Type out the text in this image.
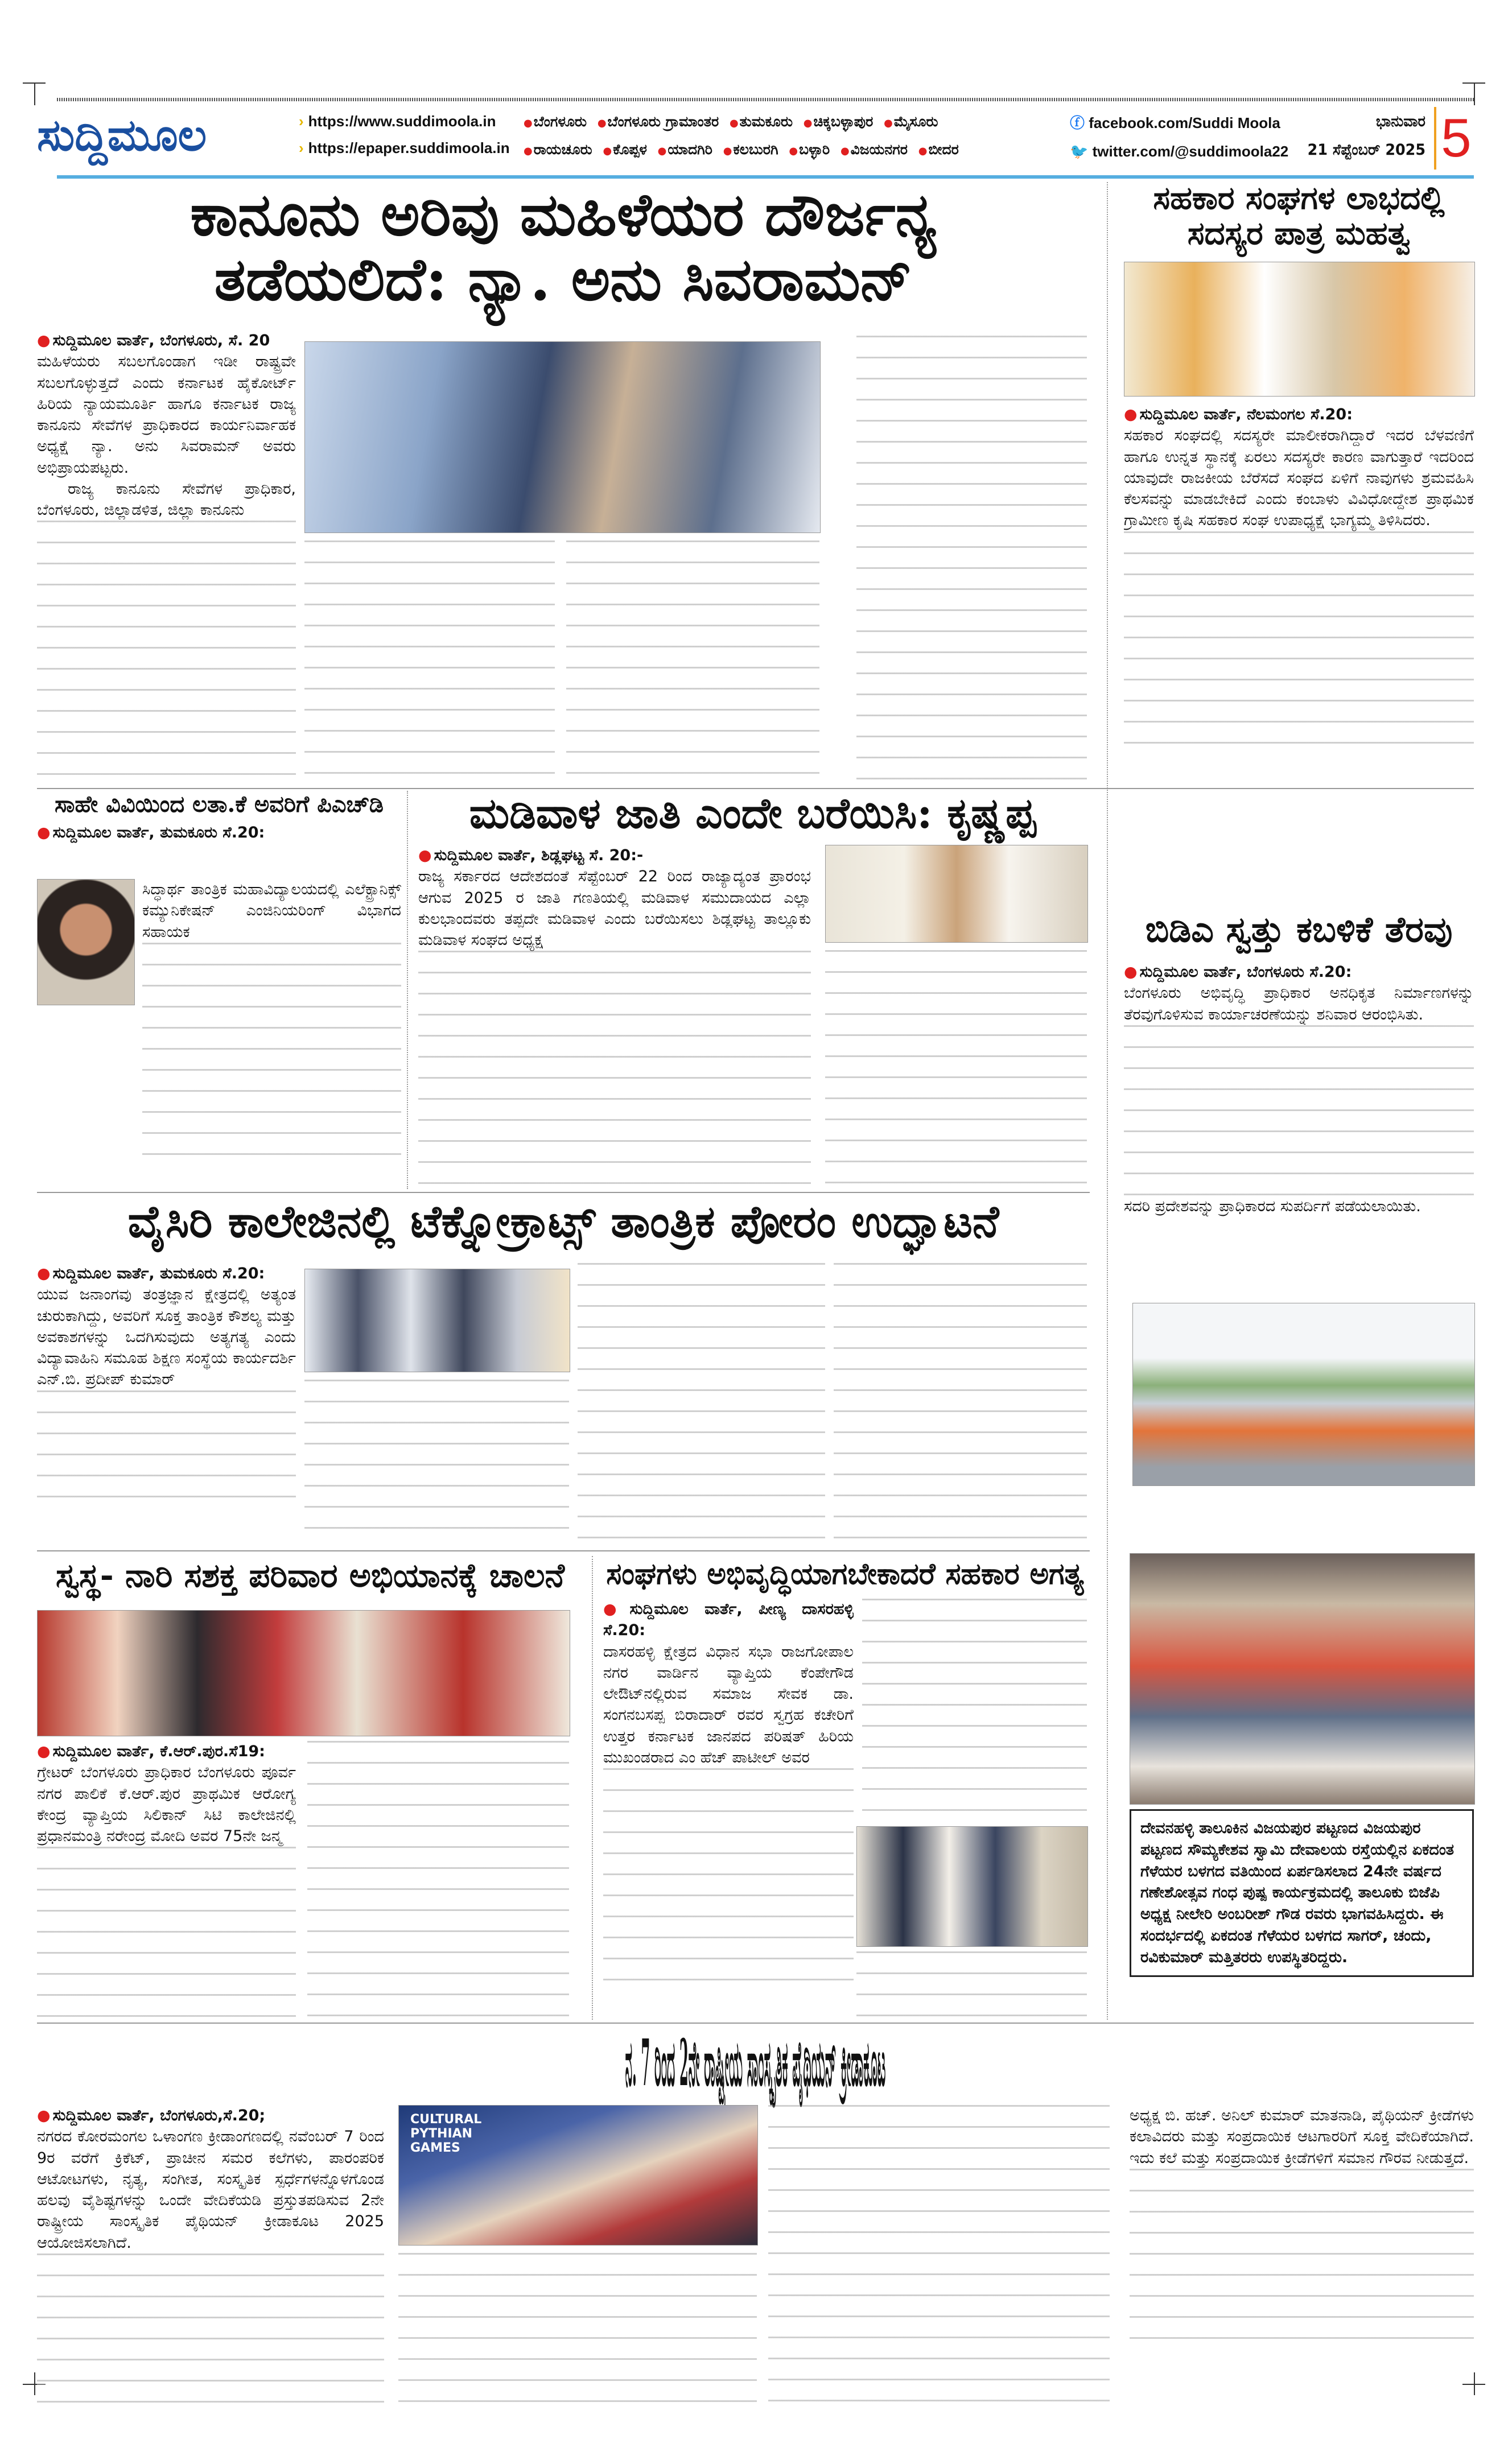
ಸುದ್ದಿಮೂಲ	› https://www.suddimoola.in
› https://epaper.suddimoola.in
● ಬೆಂಗಳೂರು ● ಬೆಂಗಳೂರು ಗ್ರಾಮಾಂತರ ● ತುಮಕೂರು ● ಚಿಕ್ಕಬಳ್ಳಾಪುರ ● ಮೈಸೂರು
● ರಾಯಚೂರು ● ಕೊಪ್ಪಳ ● ಯಾದಗಿರಿ ● ಕಲಬುರಗಿ ● ಬಳ್ಳಾರಿ ● ವಿಜಯನಗರ ● ಬೀದರ
ⓕ facebook.com/Suddi Moola
🐦 twitter.com/@suddimoola22
ಭಾನುವಾರ
21 ಸೆಪ್ಟೆಂಬರ್ 2025 5
ಕಾನೂನು ಅರಿವು ಮಹಿಳೆಯರ ದೌರ್ಜನ್ಯ
ತಡೆಯಲಿದೆ: ನ್ಯಾ. ಅನು ಸಿವರಾಮನ್
● ಸುದ್ದಿಮೂಲ ವಾರ್ತೆ, ಬೆಂಗಳೂರು, ಸೆ. 20
ಮಹಿಳೆಯರು ಸಬಲಗೊಂಡಾಗ ಇಡೀ ರಾಷ್ಟ್ರವೇ ಸಬಲಗೊಳ್ಳುತ್ತದೆ ಎಂದು ಕರ್ನಾಟಕ ಹೈಕೋರ್ಟ್ ಹಿರಿಯ ನ್ಯಾಯಮೂರ್ತಿ ಹಾಗೂ ಕರ್ನಾಟಕ ರಾಜ್ಯ ಕಾನೂನು ಸೇವೆಗಳ ಪ್ರಾಧಿಕಾರದ ಕಾರ್ಯನಿರ್ವಾಹಕ ಅಧ್ಯಕ್ಷೆ ನ್ಯಾ. ಅನು ಸಿವರಾಮನ್ ಅವರು ಅಭಿಪ್ರಾಯಪಟ್ಟರು.
ರಾಜ್ಯ ಕಾನೂನು ಸೇವೆಗಳ ಪ್ರಾಧಿಕಾರ, ಬೆಂಗಳೂರು, ಜಿಲ್ಲಾಡಳಿತ, ಜಿಲ್ಲಾ ಕಾನೂನು
ಸಹಕಾರ ಸಂಘಗಳ ಲಾಭದಲ್ಲಿ ಸದಸ್ಯರ ಪಾತ್ರ ಮಹತ್ವ
● ಸುದ್ದಿಮೂಲ ವಾರ್ತೆ, ನೆಲಮಂಗಲ ಸೆ.20:
ಸಹಕಾರ ಸಂಘದಲ್ಲಿ ಸದಸ್ಯರೇ ಮಾಲೀಕರಾಗಿದ್ದಾರೆ ಇದರ ಬೆಳವಣಿಗೆ ಹಾಗೂ ಉನ್ನತ ಸ್ಥಾನಕ್ಕೆ ಏರಲು ಸದಸ್ಯರೇ ಕಾರಣ ವಾಗುತ್ತಾರೆ ಇದರಿಂದ ಯಾವುದೇ ರಾಜಕೀಯ ಬೆರೆಸದೆ ಸಂಘದ ಏಳಿಗೆ ನಾವುಗಳು ಶ್ರಮವಹಿಸಿ ಕೆಲಸವನ್ನು ಮಾಡಬೇಕಿದೆ ಎಂದು ಕಂಬಾಳು ವಿವಿಧೋದ್ದೇಶ ಪ್ರಾಥಮಿಕ ಗ್ರಾಮೀಣ ಕೃಷಿ ಸಹಕಾರ ಸಂಘ ಉಪಾಧ್ಯಕ್ಷೆ ಭಾಗ್ಯಮ್ಮ ತಿಳಿಸಿದರು.
ಸಾಹೇ ವಿವಿಯಿಂದ ಲತಾ.ಕೆ ಅವರಿಗೆ ಪಿಎಚ್‌ಡಿ
● ಸುದ್ದಿಮೂಲ ವಾರ್ತೆ, ತುಮಕೂರು ಸೆ.20:
ಸಿದ್ಧಾರ್ಥ ತಾಂತ್ರಿಕ ಮಹಾವಿದ್ಯಾಲಯದಲ್ಲಿ ಎಲೆಕ್ಟ್ರಾನಿಕ್ಸ್ ಕಮ್ಯುನಿಕೇಷನ್ ಎಂಜಿನಿಯರಿಂಗ್ ವಿಭಾಗದ ಸಹಾಯಕ
ಮಡಿವಾಳ ಜಾತಿ ಎಂದೇ ಬರೆಯಿಸಿ: ಕೃಷ್ಣಪ್ಪ
● ಸುದ್ದಿಮೂಲ ವಾರ್ತೆ, ಶಿಡ್ಲಘಟ್ಟ ಸೆ. 20:-
ರಾಜ್ಯ ಸರ್ಕಾರದ ಆದೇಶದಂತೆ ಸೆಪ್ಟೆಂಬರ್ 22 ರಿಂದ ರಾಜ್ಯಾದ್ಯಂತ ಪ್ರಾರಂಭ ಆಗುವ 2025 ರ ಜಾತಿ ಗಣತಿಯಲ್ಲಿ ಮಡಿವಾಳ ಸಮುದಾಯದ ಎಲ್ಲಾ ಕುಲಭಾಂದವರು ತಪ್ಪದೇ ಮಡಿವಾಳ ಎಂದು ಬರೆಯಿಸಲು ಶಿಡ್ಲಘಟ್ಟ ತಾಲ್ಲೂಕು ಮಡಿವಾಳ ಸಂಘದ ಅಧ್ಯಕ್ಷ	ಬಿಡಿಎ ಸ್ವತ್ತು ಕಬಳಿಕೆ ತೆರವು
● ಸುದ್ದಿಮೂಲ ವಾರ್ತೆ, ಬೆಂಗಳೂರು ಸೆ.20:
ಬೆಂಗಳೂರು ಅಭಿವೃದ್ಧಿ ಪ್ರಾಧಿಕಾರ ಅನಧಿಕೃತ ನಿರ್ಮಾಣಗಳನ್ನು ತೆರವುಗೊಳಿಸುವ ಕಾರ್ಯಾಚರಣೆಯನ್ನು ಶನಿವಾರ ಆರಂಭಿಸಿತು.
ಸದರಿ ಪ್ರದೇಶವನ್ನು ಪ್ರಾಧಿಕಾರದ ಸುಪರ್ದಿಗೆ ಪಡೆಯಲಾಯಿತು.
ವೈಸಿರಿ ಕಾಲೇಜಿನಲ್ಲಿ ಟೆಕ್ನೋಕ್ರಾಟ್ಸ್ ತಾಂತ್ರಿಕ ಪೋರಂ ಉದ್ಘಾಟನೆ
● ಸುದ್ದಿಮೂಲ ವಾರ್ತೆ, ತುಮಕೂರು ಸೆ.20:
ಯುವ ಜನಾಂಗವು ತಂತ್ರಜ್ಞಾನ ಕ್ಷೇತ್ರದಲ್ಲಿ ಅತ್ಯಂತ ಚುರುಕಾಗಿದ್ದು, ಅವರಿಗೆ ಸೂಕ್ತ ತಾಂತ್ರಿಕ ಕೌಶಲ್ಯ ಮತ್ತು ಅವಕಾಶಗಳನ್ನು ಒದಗಿಸುವುದು ಅತ್ಯಗತ್ಯ ಎಂದು ವಿದ್ಯಾವಾಹಿನಿ ಸಮೂಹ ಶಿಕ್ಷಣ ಸಂಸ್ಥೆಯ ಕಾರ್ಯದರ್ಶಿ ಎನ್.ಬಿ. ಪ್ರದೀಪ್ ಕುಮಾರ್
ಸ್ವಸ್ಥ- ನಾರಿ ಸಶಕ್ತ ಪರಿವಾರ ಅಭಿಯಾನಕ್ಕೆ ಚಾಲನೆ
● ಸುದ್ದಿಮೂಲ ವಾರ್ತೆ, ಕೆ.ಆರ್.ಪುರ.ಸೆ19:
ಗ್ರೇಟರ್ ಬೆಂಗಳೂರು ಪ್ರಾಧಿಕಾರ ಬೆಂಗಳೂರು ಪೂರ್ವ ನಗರ ಪಾಲಿಕೆ ಕೆ.ಆರ್.ಪುರ ಪ್ರಾಥಮಿಕ ಆರೋಗ್ಯ ಕೇಂದ್ರ ವ್ಯಾಪ್ತಿಯ ಸಿಲಿಕಾನ್ ಸಿಟಿ ಕಾಲೇಜಿನಲ್ಲಿ ಪ್ರಧಾನಮಂತ್ರಿ ನರೇಂದ್ರ ಮೋದಿ ಅವರ 75ನೇ ಜನ್ಮ
ಸಂಘಗಳು ಅಭಿವೃದ್ಧಿಯಾಗಬೇಕಾದರೆ ಸಹಕಾರ ಅಗತ್ಯ
● ಸುದ್ದಿಮೂಲ ವಾರ್ತೆ, ಪೀಣ್ಯ ದಾಸರಹಳ್ಳಿ ಸೆ.20:
ದಾಸರಹಳ್ಳಿ ಕ್ಷೇತ್ರದ ವಿಧಾನ ಸಭಾ ರಾಜಗೋಪಾಲ ನಗರ ವಾರ್ಡಿನ ವ್ಯಾಪ್ತಿಯ ಕೆಂಪೇಗೌಡ ಲೇಔಟ್‌ನಲ್ಲಿರುವ ಸಮಾಜ ಸೇವಕ ಡಾ. ಸಂಗನಬಸಪ್ಪ ಬಿರಾದಾರ್ ರವರ ಸ್ವಗ್ರಹ ಕಚೇರಿಗೆ ಉತ್ತರ ಕರ್ನಾಟಕ ಜಾನಪದ ಪರಿಷತ್ ಹಿರಿಯ ಮುಖಂಡರಾದ ಎಂ ಹೆಚ್ ಪಾಟೀಲ್ ಅವರ
ದೇವನಹಳ್ಳಿ ತಾಲೂಕಿನ ವಿಜಯಪುರ ಪಟ್ಟಣದ ವಿಜಯಪುರ ಪಟ್ಟಣದ ಸೌಮ್ಯಕೇಶವ ಸ್ವಾಮಿ ದೇವಾಲಯ ರಸ್ತೆಯಲ್ಲಿನ ಏಕದಂತ ಗೆಳೆಯರ ಬಳಗದ ವತಿಯಿಂದ ಏರ್ಪಡಿಸಲಾದ 24ನೇ ವರ್ಷದ ಗಣೇಶೋತ್ಸವ ಗಂಧ ಪುಷ್ಪ ಕಾರ್ಯಕ್ರಮದಲ್ಲಿ ತಾಲೂಕು ಬಿಜೆಪಿ ಅಧ್ಯಕ್ಷ ನೀಲೇರಿ ಅಂಬರೀಶ್ ಗೌಡ ರವರು ಭಾಗವಹಿಸಿದ್ದರು. ಈ ಸಂದರ್ಭದಲ್ಲಿ ಏಕದಂತ ಗೆಳೆಯರ ಬಳಗದ ಸಾಗರ್, ಚಂದು, ರವಿಕುಮಾರ್ ಮತ್ತಿತರರು ಉಪಸ್ಥಿತರಿದ್ದರು.
ನ. 7 ರಿಂದ 2ನೇ ರಾಷ್ಟ್ರೀಯ ಸಾಂಸ್ಕೃತಿಕ ಪೈಥಿಯನ್ ಕ್ರೀಡಾಕೂಟ
● ಸುದ್ದಿಮೂಲ ವಾರ್ತೆ, ಬೆಂಗಳೂರು,ಸೆ.20;
ನಗರದ ಕೋರಮಂಗಲ ಒಳಾಂಗಣ ಕ್ರೀಡಾಂಗಣದಲ್ಲಿ ನವೆಂಬರ್ 7 ರಿಂದ 9ರ ವರೆಗೆ ಕ್ರಿಕೆಟ್, ಪ್ರಾಚೀನ ಸಮರ ಕಲೆಗಳು, ಪಾರಂಪರಿಕ ಆಟೋಟಗಳು, ನೃತ್ಯ, ಸಂಗೀತ, ಸಂಸ್ಕೃತಿಕ ಸ್ಪರ್ಧೆಗಳನ್ನೊಳಗೊಂಡ ಹಲವು ವೈಶಿಷ್ಟಗಳನ್ನು ಒಂದೇ ವೇದಿಕೆಯಡಿ ಪ್ರಸ್ತುತಪಡಿಸುವ 2ನೇ ರಾಷ್ಟ್ರೀಯ ಸಾಂಸ್ಕೃತಿಕ ಪೈಥಿಯನ್ ಕ್ರೀಡಾಕೂಟ 2025 ಆಯೋಜಿಸಲಾಗಿದೆ.
CULTURAL PYTHIAN GAMES
ಅಧ್ಯಕ್ಷ ಬಿ. ಹಚ್. ಅನಿಲ್ ಕುಮಾರ್ ಮಾತನಾಡಿ, ಪೈಥಿಯನ್ ಕ್ರೀಡೆಗಳು ಕಲಾವಿದರು ಮತ್ತು ಸಂಪ್ರದಾಯಿಕ ಆಟಗಾರರಿಗೆ ಸೂಕ್ತ ವೇದಿಕೆಯಾಗಿದೆ. ಇದು ಕಲೆ ಮತ್ತು ಸಂಪ್ರದಾಯಿಕ ಕ್ರೀಡೆಗಳಿಗೆ ಸಮಾನ ಗೌರವ ನೀಡುತ್ತದೆ.
